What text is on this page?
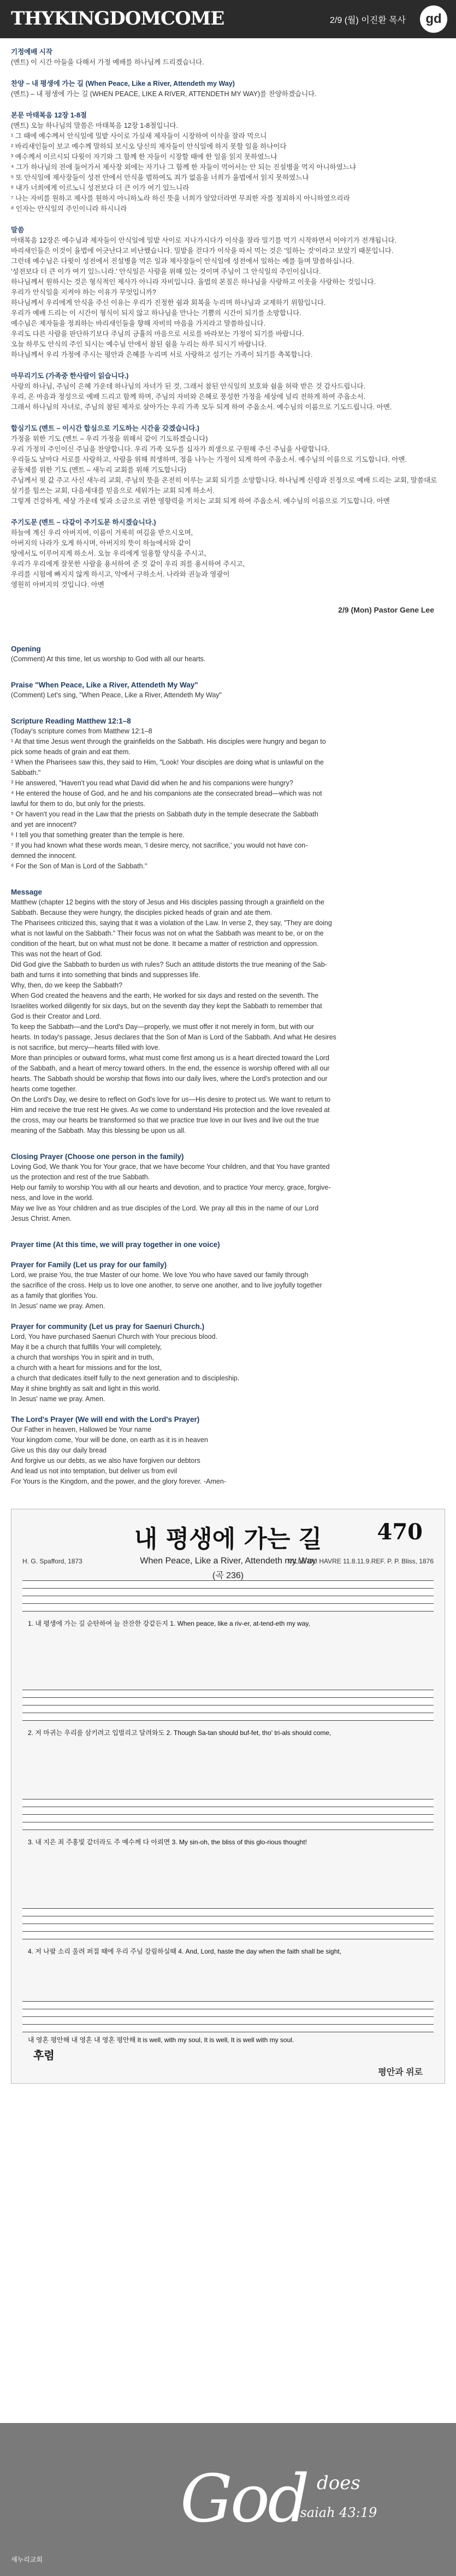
THYKINGDOMCOME	2/9 (월) 이진환 목사	gd
기정예배 시작
(멘트) 이 시간 아들을 다해서 가정 예배를 하나님께 드리겠습니다.
찬양 – 내 평생에 가는 길 (When Peace, Like a River, Attendeth my Way)
(멘트) – 내 평생에 가는 길 (WHEN PEACE, LIKE A RIVER, ATTENDETH MY WAY)를 찬양하겠습니다.
본문 마태복음 12장 1-8절
(멘트) 오늘 하나님의 말씀은 마태복음 12장 1-8절입니다.
¹ 그 때에 예수께서 안식일에 밀밭 사이로 가실새 제자들이 시장하여 이삭을 잘라 먹으니
² 바리새인들이 보고 예수께 말하되 보시오 당신의 제자들이 안식일에 하지 못할 일을 하나이다
³ 예수께서 이르시되 다윗이 자기와 그 함께 한 자들이 시장할 때에 한 일을 읽지 못하였느냐
⁴ 그가 하나님의 전에 들어가서 제사장 외에는 자기나 그 함께 한 자들이 먹어서는 안 되는 진설병을 먹지 아니하였느냐
⁵ 또 안식일에 제사장들이 성전 안에서 안식을 범하여도 죄가 없음을 너희가 율법에서 읽지 못하였느냐
⁶ 내가 너희에게 이르노니 성전보다 더 큰 이가 여기 있느니라
⁷ 나는 자비를 원하고 제사를 원하지 아니하노라 하신 뜻을 너희가 알았더라면 무죄한 자를 정죄하지 아니하였으리라
⁸ 인자는 안식일의 주인이니라 하시니라
말씀
마태복음 12장은 예수님과 제자들이 안식일에 밀밭 사이로 지나가시다가 이삭을 잘라 밀기를 먹기 시작하면서 이야기가 전개됩니다.
바리새인들은 이것이 율법에 어긋난다고 비난했습니다. 밀밭을 걷다가 이삭을 따서 먹는 것은 '일하는 것'이라고 보았기 때문입니다.
그런데 예수님은 다윗이 성전에서 진설병을 먹은 일과 제사장들이 안식일에 성전에서 일하는 예를 들며 말씀하십니다.
'성전보다 더 큰 이가 여기 있느니라.' 안식일은 사람을 위해 있는 것이며 주님이 그 안식일의 주인이십니다.
하나님께서 원하시는 것은 형식적인 제사가 아니라 자비입니다. 율법의 본질은 하나님을 사랑하고 이웃을 사랑하는 것입니다.
우리가 안식일을 지켜야 하는 이유가 무엇입니까?
하나님께서 우리에게 안식을 주신 이유는 우리가 진정한 쉼과 회복을 누리며 하나님과 교제하기 위함입니다.
우리가 예배 드리는 이 시간이 형식이 되지 않고 하나님을 만나는 기쁨의 시간이 되기를 소망합니다.
예수님은 제자들을 정죄하는 바리새인들을 향해 자비의 마음을 가지라고 말씀하십니다.
우리도 다른 사람을 판단하기보다 주님의 긍휼의 마음으로 서로를 바라보는 가정이 되기를 바랍니다.
오늘 하루도 안식의 주인 되시는 예수님 안에서 참된 쉼을 누리는 하루 되시기 바랍니다.
하나님께서 우리 가정에 주시는 평안과 은혜를 누리며 서로 사랑하고 섬기는 가족이 되기를 축복합니다.
마무리기도 (가족중 한사람이 읽습니다.)
사랑의 하나님, 주님이 은혜 가운데 하나님의 자녀가 된 것, 그래서 참된 안식일의 보호와 쉼을 허락 받은 것 감사드립니다.
우리, 온 마음과 정성으로 예배 드리고 함께 하며, 주님의 자비와 은혜로 풍성한 가정을 세상에 널리 전하게 하여 주옵소서.
그래서 하나님의 자녀로, 주님의 참된 제자로 살아가는 우리 가족 모두 되게 하여 주옵소서. 예수님의 이름으로 기도드립니다. 아멘.
합심기도 (멘트 – 이시간 합심으로 기도하는 시간을 갖겠습니다.)
가정을 위한 기도 (멘트 – 우리 가정을 위해서 같이 기도하겠습니다)
우리 가정의 주인이신 주님을 찬양합니다. 우리 가족 모두를 십자가 희생으로 구원해 주신 주님을 사랑합니다.
우리들도 날마다 서로를 사랑하고, 사람을 위해 희생하며, 정을 나누는 가정이 되게 하여 주옵소서. 예수님의 이름으로 기도합니다. 아멘.
공동체를 위한 기도 (멘트 – 새누리 교회를 위해 기도합니다)
주님께서 핏 값 주고 사신 새누리 교회, 주님의 뜻을 온전히 이루는 교회 되기를 소망합니다. 하나님께 신령과 진정으로 예배 드리는 교회, 말씀대로 살기를 힘쓰는 교회, 다음세대를 믿음으로 세워가는 교회 되게 하소서.
그렇게 건강하게, 세상 가운데 빛과 소금으로 귀한 영향력을 끼치는 교회 되게 하여 주옵소서. 예수님의 이름으로 기도합니다. 아멘
주기도문 (멘트 – 다같이 주기도문 하시겠습니다.)
하늘에 계신 우리 아버지여, 이름이 거룩히 여김을 받으시오며,
아버지의 나라가 오게 하시며, 아버지의 뜻이 하늘에서와 같이
땅에서도 이루어지게 하소서. 오늘 우리에게 일용할 양식을 주시고,
우리가 우리에게 잘못한 사람을 용서하여 준 것 같이 우리 죄를 용서하여 주시고,
우리를 시험에 빠지지 않게 하시고, 악에서 구하소서. 나라와 권능과 영광이
영원히 아버지의 것입니다. 아멘
2/9 (Mon) Pastor Gene Lee
Opening
(Comment) At this time, let us worship to God with all our hearts.
Praise "When Peace, Like a River, Attendeth My Way"
(Comment) Let's sing, "When Peace, Like a River, Attendeth My Way"
Scripture Reading Matthew 12:1–8
(Today's scripture comes from Matthew 12:1–8
¹ At that time Jesus went through the grainfields on the Sabbath. His disciples were hungry and began to
pick some heads of grain and eat them.
² When the Pharisees saw this, they said to Him, "Look! Your disciples are doing what is unlawful on the
Sabbath."
³ He answered, "Haven't you read what David did when he and his companions were hungry?
⁴ He entered the house of God, and he and his companions ate the consecrated bread—which was not
lawful for them to do, but only for the priests.
⁵ Or haven't you read in the Law that the priests on Sabbath duty in the temple desecrate the Sabbath
and yet are innocent?
⁶ I tell you that something greater than the temple is here.
⁷ If you had known what these words mean, 'I desire mercy, not sacrifice,' you would not have con-
demned the innocent.
⁸ For the Son of Man is Lord of the Sabbath."
Message
Matthew (chapter 12 begins with the story of Jesus and His disciples passing through a grainfield on the
Sabbath. Because they were hungry, the disciples picked heads of grain and ate them.
The Pharisees criticized this, saying that it was a violation of the Law. In verse 2, they say, "They are doing
what is not lawful on the Sabbath." Their focus was not on what the Sabbath was meant to be, or on the
condition of the heart, but on what must not be done. It became a matter of restriction and oppression.
This was not the heart of God.
Did God give the Sabbath to burden us with rules? Such an attitude distorts the true meaning of the Sab-
bath and turns it into something that binds and suppresses life.
Why, then, do we keep the Sabbath?
When God created the heavens and the earth, He worked for six days and rested on the seventh. The
Israelites worked diligently for six days, but on the seventh day they kept the Sabbath to remember that
God is their Creator and Lord.
To keep the Sabbath—and the Lord's Day—properly, we must offer it not merely in form, but with our
hearts. In today's passage, Jesus declares that the Son of Man is Lord of the Sabbath. And what He desires
is not sacrifice, but mercy—hearts filled with love.
More than principles or outward forms, what must come first among us is a heart directed toward the Lord
of the Sabbath, and a heart of mercy toward others. In the end, the essence is worship offered with all our
hearts. The Sabbath should be worship that flows into our daily lives, where the Lord's protection and our
hearts come together.
On the Lord's Day, we desire to reflect on God's love for us—His desire to protect us. We want to return to
Him and receive the true rest He gives. As we come to understand His protection and the love revealed at
the cross, may our hearts be transformed so that we practice true love in our lives and live out the true
meaning of the Sabbath. May this blessing be upon us all.
Closing Prayer (Choose one person in the family)
Loving God, We thank You for Your grace, that we have become Your children, and that You have granted
us the protection and rest of the true Sabbath.
Help our family to worship You with all our hearts and devotion, and to practice Your mercy, grace, forgive-
ness, and love in the world.
May we live as Your children and as true disciples of the Lord. We pray all this in the name of our Lord
Jesus Christ. Amen.
Prayer time (At this time, we will pray together in one voice)
Prayer for Family (Let us pray for our family)
Lord, we praise You, the true Master of our home. We love You who have saved our family through
the sacrifice of the cross. Help us to love one another, to serve one another, and to live joyfully together
as a family that glorifies You.
In Jesus' name we pray. Amen.
Prayer for community (Let us pray for Saenuri Church.)
Lord, You have purchased Saenuri Church with Your precious blood.
May it be a church that fulfills Your will completely,
a church that worships You in spirit and in truth,
a church with a heart for missions and for the lost,
a church that dedicates itself fully to the next generation and to discipleship.
May it shine brightly as salt and light in this world.
In Jesus' name we pray. Amen.
The Lord's Prayer (We will end with the Lord's Prayer)
Our Father in heaven, Hallowed be Your name
Your kingdom come, Your will be done, on earth as it is in heaven
Give us this day our daily bread
And forgive us our debts, as we also have forgiven our debtors
And lead us not into temptation, but deliver us from evil
For Yours is the Kingdom, and the power, and the glory forever. -Amen-
470
내 평생에 가는 길
When Peace, Like a River, Attendeth my Way
(곡 236)
H. G. Spafford, 1873	VILLE DU HAVRE 11.8.11.9.REF. P. P. Bliss, 1876
1. 내 평생에 가는 길 순탄하여 늘 잔잔한 강같든지 1. When peace, like a riv-er, at-tend-eth my way,
2. 저 마귀는 우리를 삼키려고 입벌리고 달려와도 2. Though Sa-tan should buf-fet, tho' tri-als should come,
3. 내 지은 죄 주홍빛 같더라도 주 예수께 다 아뢰면 3. My sin-oh, the bliss of this glo-rious thought!
4. 저 나팔 소리 울려 퍼질 때에 우리 주님 강림하실때 4. And, Lord, haste the day when the faith shall be sight,
내 영혼 평안해 내 영혼 내 영혼 평안해 It is well, with my soul, It is well, It is well with my soul.
후렴
평안과 위로
God does
Isaiah 43:19
새누리교회
